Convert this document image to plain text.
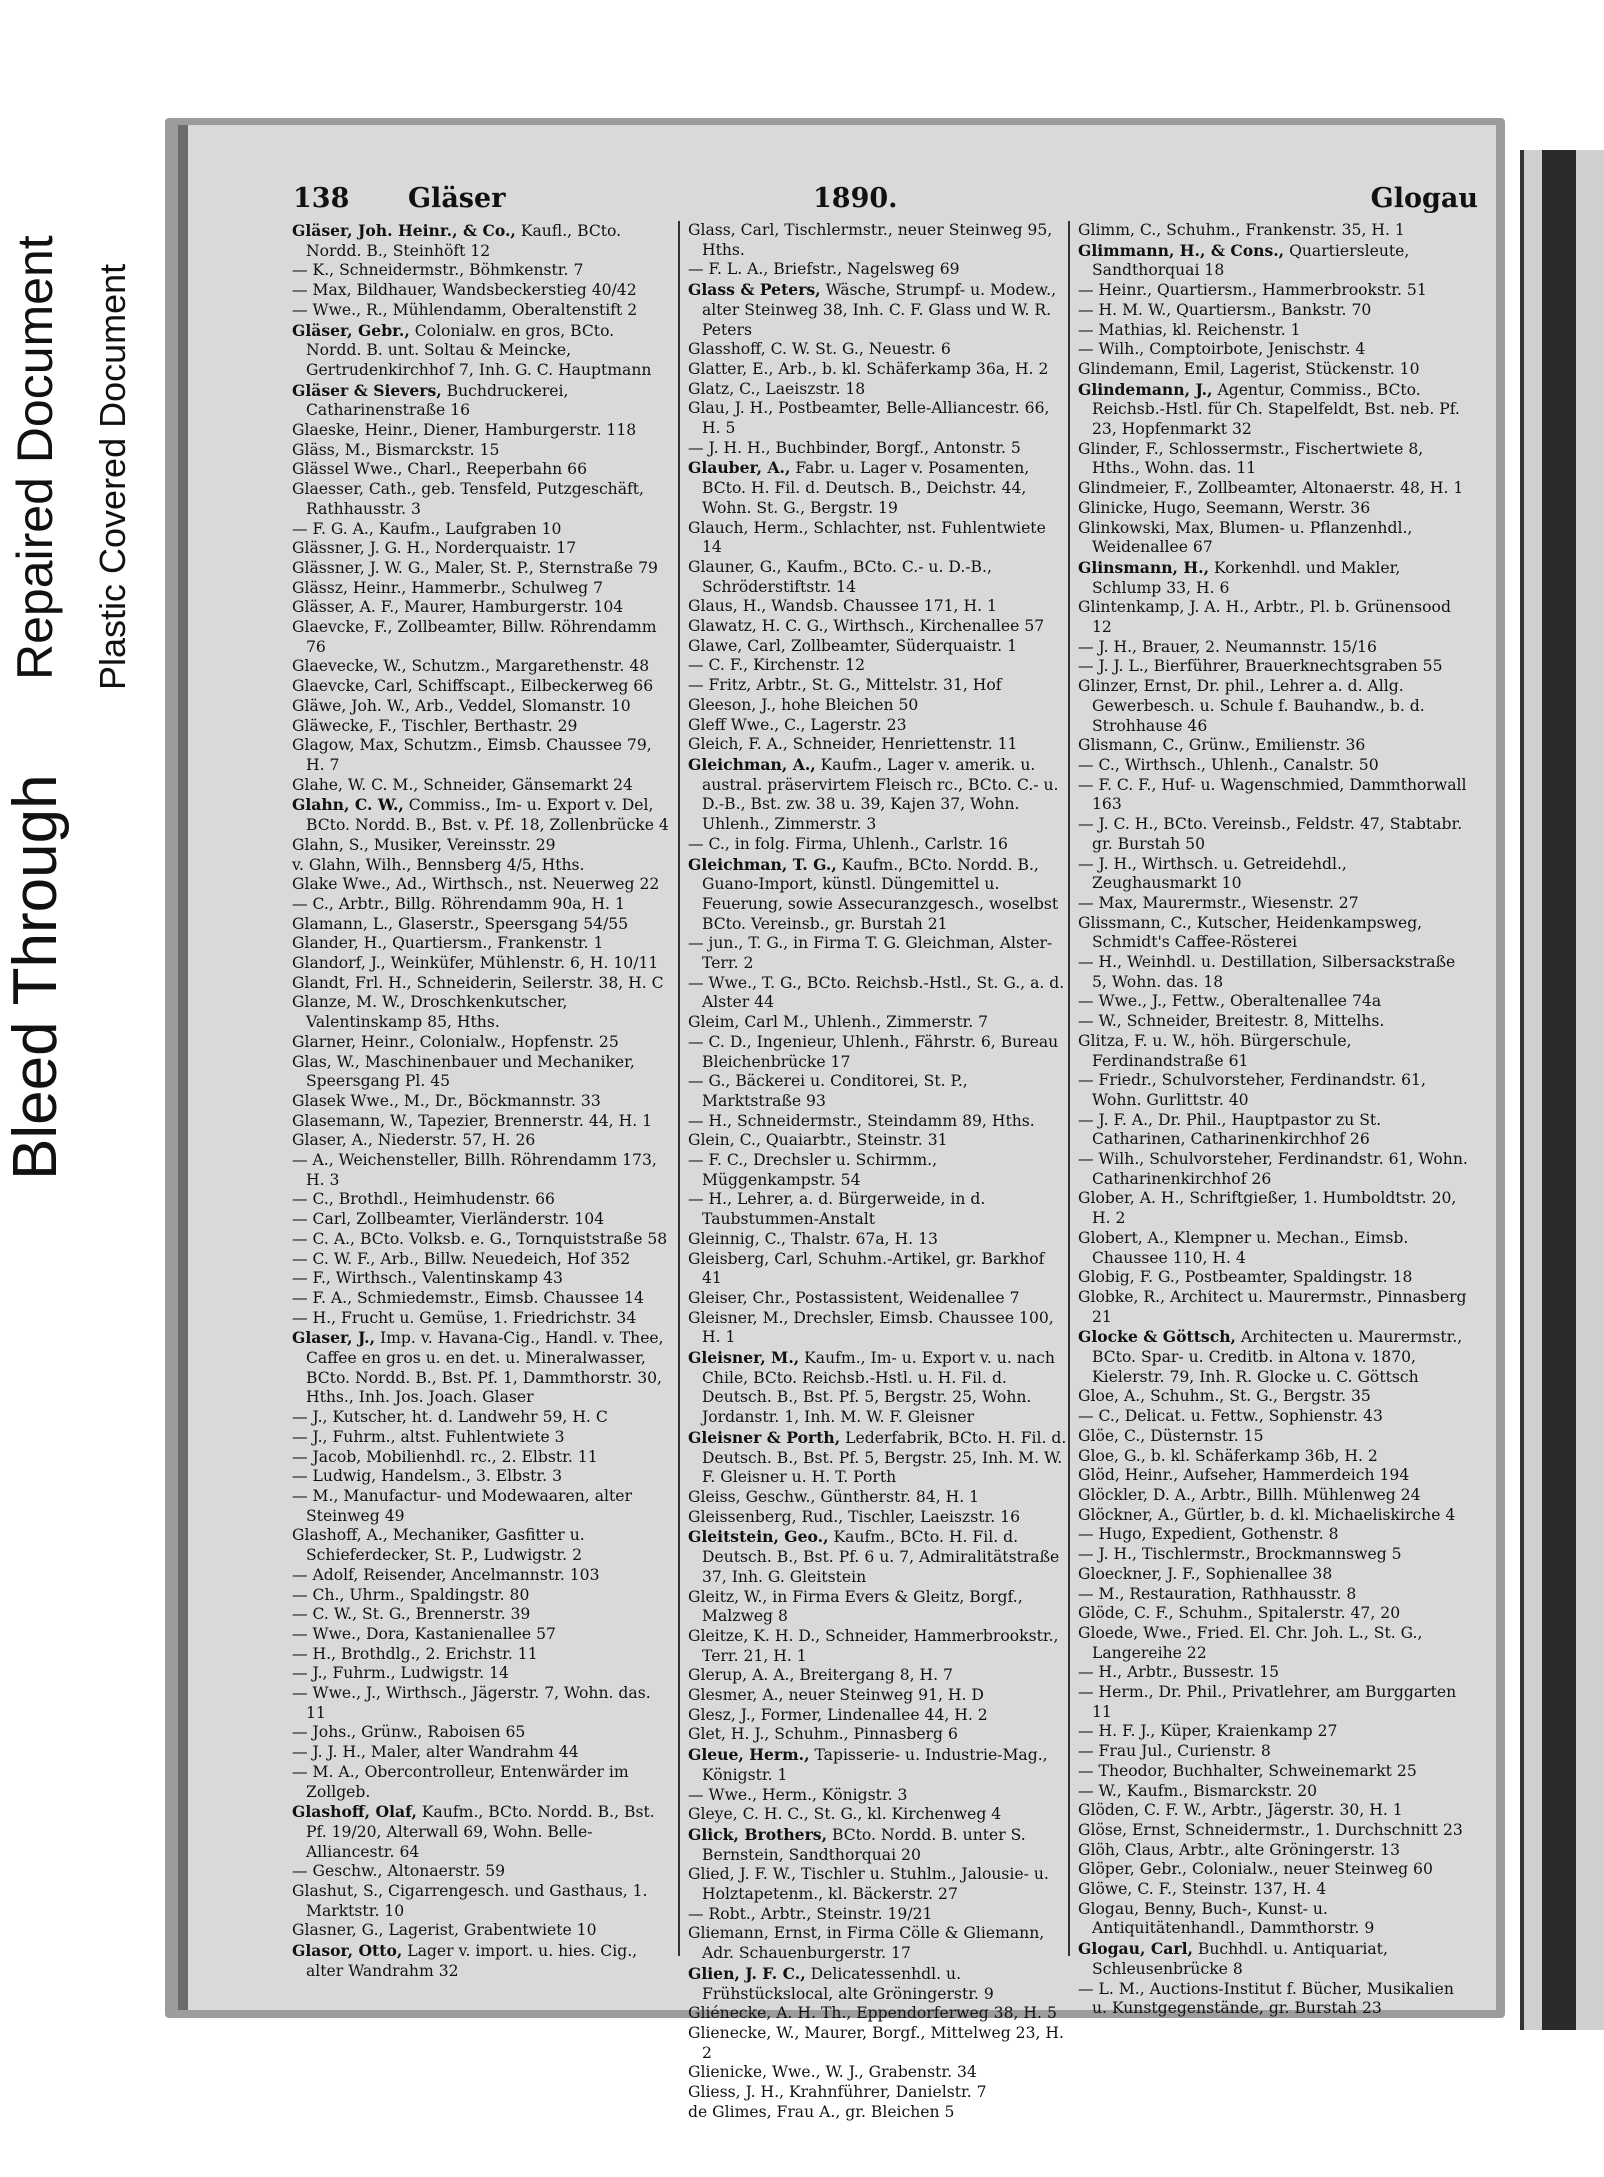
Bleed Through
Repaired Document Plastic Covered Document
138 Gläser	1890.	Glogau
Gläser, Joh. Heinr., & Co., Kaufl., BCto. Nordd. B., Steinhöft 12
— K., Schneidermstr., Böhmkenstr. 7
— Max, Bildhauer, Wandsbeckerstieg 40/42
— Wwe., R., Mühlendamm, Oberaltenstift 2
Gläser, Gebr., Colonialw. en gros, BCto. Nordd. B. unt. Soltau & Meincke, Gertrudenkirchhof 7, Inh. G. C. Hauptmann
Gläser & Sievers, Buchdruckerei, Catharinenstraße 16
Glaeske, Heinr., Diener, Hamburgerstr. 118
Gläss, M., Bismarckstr. 15
Glässel Wwe., Charl., Reeperbahn 66
Glaesser, Cath., geb. Tensfeld, Putzgeschäft, Rathhausstr. 3
— F. G. A., Kaufm., Laufgraben 10
Glässner, J. G. H., Norderquaistr. 17
Glässner, J. W. G., Maler, St. P., Sternstraße 79
Glässz, Heinr., Hammerbr., Schulweg 7
Glässer, A. F., Maurer, Hamburgerstr. 104
Glaevcke, F., Zollbeamter, Billw. Röhrendamm 76
Glaevecke, W., Schutzm., Margarethenstr. 48
Glaevcke, Carl, Schiffscapt., Eilbeckerweg 66
Gläwe, Joh. W., Arb., Veddel, Slomanstr. 10
Gläwecke, F., Tischler, Berthastr. 29
Glagow, Max, Schutzm., Eimsb. Chaussee 79, H. 7
Glahe, W. C. M., Schneider, Gänsemarkt 24
Glahn, C. W., Commiss., Im- u. Export v. Del, BCto. Nordd. B., Bst. v. Pf. 18, Zollenbrücke 4
Glahn, S., Musiker, Vereinsstr. 29
v. Glahn, Wilh., Bennsberg 4/5, Hths.
Glake Wwe., Ad., Wirthsch., nst. Neuerweg 22
— C., Arbtr., Billg. Röhrendamm 90a, H. 1
Glamann, L., Glaserstr., Speersgang 54/55
Glander, H., Quartiersm., Frankenstr. 1
Glandorf, J., Weinküfer, Mühlenstr. 6, H. 10/11
Glandt, Frl. H., Schneiderin, Seilerstr. 38, H. C
Glanze, M. W., Droschkenkutscher, Valentinskamp 85, Hths.
Glarner, Heinr., Colonialw., Hopfenstr. 25
Glas, W., Maschinenbauer und Mechaniker, Speersgang Pl. 45
Glasek Wwe., M., Dr., Böckmannstr. 33
Glasemann, W., Tapezier, Brennerstr. 44, H. 1
Glaser, A., Niederstr. 57, H. 26
— A., Weichensteller, Billh. Röhrendamm 173, H. 3
— C., Brothdl., Heimhudenstr. 66
— Carl, Zollbeamter, Vierländerstr. 104
— C. A., BCto. Volksb. e. G., Tornquiststraße 58
— C. W. F., Arb., Billw. Neuedeich, Hof 352
— F., Wirthsch., Valentinskamp 43
— F. A., Schmiedemstr., Eimsb. Chaussee 14
— H., Frucht u. Gemüse, 1. Friedrichstr. 34
Glaser, J., Imp. v. Havana-Cig., Handl. v. Thee, Caffee en gros u. en det. u. Mineralwasser, BCto. Nordd. B., Bst. Pf. 1, Dammthorstr. 30, Hths., Inh. Jos. Joach. Glaser
— J., Kutscher, ht. d. Landwehr 59, H. C
— J., Fuhrm., altst. Fuhlentwiete 3
— Jacob, Mobilienhdl. rc., 2. Elbstr. 11
— Ludwig, Handelsm., 3. Elbstr. 3
— M., Manufactur- und Modewaaren, alter Steinweg 49
Glashoff, A., Mechaniker, Gasfitter u. Schieferdecker, St. P., Ludwigstr. 2
— Adolf, Reisender, Ancelmannstr. 103
— Ch., Uhrm., Spaldingstr. 80
— C. W., St. G., Brennerstr. 39
— Wwe., Dora, Kastanienallee 57
— H., Brothdlg., 2. Erichstr. 11
— J., Fuhrm., Ludwigstr. 14
— Wwe., J., Wirthsch., Jägerstr. 7, Wohn. das. 11
— Johs., Grünw., Raboisen 65
— J. J. H., Maler, alter Wandrahm 44
— M. A., Obercontrolleur, Entenwärder im Zollgeb.
Glashoff, Olaf, Kaufm., BCto. Nordd. B., Bst. Pf. 19/20, Alterwall 69, Wohn. Belle-Alliancestr. 64
— Geschw., Altonaerstr. 59
Glashut, S., Cigarrengesch. und Gasthaus, 1. Marktstr. 10
Glasner, G., Lagerist, Grabentwiete 10
Glasor, Otto, Lager v. import. u. hies. Cig., alter Wandrahm 32
Glass, Carl, Tischlermstr., neuer Steinweg 95, Hths.
— F. L. A., Briefstr., Nagelsweg 69
Glass & Peters, Wäsche, Strumpf- u. Modew., alter Steinweg 38, Inh. C. F. Glass und W. R. Peters
Glasshoff, C. W. St. G., Neuestr. 6
Glatter, E., Arb., b. kl. Schäferkamp 36a, H. 2
Glatz, C., Laeiszstr. 18
Glau, J. H., Postbeamter, Belle-Alliancestr. 66, H. 5
— J. H. H., Buchbinder, Borgf., Antonstr. 5
Glauber, A., Fabr. u. Lager v. Posamenten, BCto. H. Fil. d. Deutsch. B., Deichstr. 44, Wohn. St. G., Bergstr. 19
Glauch, Herm., Schlachter, nst. Fuhlentwiete 14
Glauner, G., Kaufm., BCto. C.- u. D.-B., Schröderstiftstr. 14
Glaus, H., Wandsb. Chaussee 171, H. 1
Glawatz, H. C. G., Wirthsch., Kirchenallee 57
Glawe, Carl, Zollbeamter, Süderquaistr. 1
— C. F., Kirchenstr. 12
— Fritz, Arbtr., St. G., Mittelstr. 31, Hof
Gleeson, J., hohe Bleichen 50
Gleff Wwe., C., Lagerstr. 23
Gleich, F. A., Schneider, Henriettenstr. 11
Gleichman, A., Kaufm., Lager v. amerik. u. austral. präservirtem Fleisch rc., BCto. C.- u. D.-B., Bst. zw. 38 u. 39, Kajen 37, Wohn. Uhlenh., Zimmerstr. 3
— C., in folg. Firma, Uhlenh., Carlstr. 16
Gleichman, T. G., Kaufm., BCto. Nordd. B., Guano-Import, künstl. Düngemittel u. Feuerung, sowie Assecuranzgesch., woselbst BCto. Vereinsb., gr. Burstah 21
— jun., T. G., in Firma T. G. Gleichman, Alster-Terr. 2
— Wwe., T. G., BCto. Reichsb.-Hstl., St. G., a. d. Alster 44
Gleim, Carl M., Uhlenh., Zimmerstr. 7
— C. D., Ingenieur, Uhlenh., Fährstr. 6, Bureau Bleichenbrücke 17
— G., Bäckerei u. Conditorei, St. P., Marktstraße 93
— H., Schneidermstr., Steindamm 89, Hths.
Glein, C., Quaiarbtr., Steinstr. 31
— F. C., Drechsler u. Schirmm., Müggenkampstr. 54
— H., Lehrer, a. d. Bürgerweide, in d. Taubstummen-Anstalt
Gleinnig, C., Thalstr. 67a, H. 13
Gleisberg, Carl, Schuhm.-Artikel, gr. Barkhof 41
Gleiser, Chr., Postassistent, Weidenallee 7
Gleisner, M., Drechsler, Eimsb. Chaussee 100, H. 1
Gleisner, M., Kaufm., Im- u. Export v. u. nach Chile, BCto. Reichsb.-Hstl. u. H. Fil. d. Deutsch. B., Bst. Pf. 5, Bergstr. 25, Wohn. Jordanstr. 1, Inh. M. W. F. Gleisner
Gleisner & Porth, Lederfabrik, BCto. H. Fil. d. Deutsch. B., Bst. Pf. 5, Bergstr. 25, Inh. M. W. F. Gleisner u. H. T. Porth
Gleiss, Geschw., Güntherstr. 84, H. 1
Gleissenberg, Rud., Tischler, Laeiszstr. 16
Gleitstein, Geo., Kaufm., BCto. H. Fil. d. Deutsch. B., Bst. Pf. 6 u. 7, Admiralitätstraße 37, Inh. G. Gleitstein
Gleitz, W., in Firma Evers & Gleitz, Borgf., Malzweg 8
Gleitze, K. H. D., Schneider, Hammerbrookstr., Terr. 21, H. 1
Glerup, A. A., Breitergang 8, H. 7
Glesmer, A., neuer Steinweg 91, H. D
Glesz, J., Former, Lindenallee 44, H. 2
Glet, H. J., Schuhm., Pinnasberg 6
Gleue, Herm., Tapisserie- u. Industrie-Mag., Königstr. 1
— Wwe., Herm., Königstr. 3
Gleye, C. H. C., St. G., kl. Kirchenweg 4
Glick, Brothers, BCto. Nordd. B. unter S. Bernstein, Sandthorquai 20
Glied, J. F. W., Tischler u. Stuhlm., Jalousie- u. Holztapetenm., kl. Bäckerstr. 27
— Robt., Arbtr., Steinstr. 19/21
Gliemann, Ernst, in Firma Cölle & Gliemann, Adr. Schauenburgerstr. 17
Glien, J. F. C., Delicatessenhdl. u. Frühstückslocal, alte Gröningerstr. 9
Gliénecke, A. H. Th., Eppendorferweg 38, H. 5
Glienecke, W., Maurer, Borgf., Mittelweg 23, H. 2
Glienicke, Wwe., W. J., Grabenstr. 34
Gliess, J. H., Krahnführer, Danielstr. 7
de Glimes, Frau A., gr. Bleichen 5
Glimm, C., Schuhm., Frankenstr. 35, H. 1
Glimmann, H., & Cons., Quartiersleute, Sandthorquai 18
— Heinr., Quartiersm., Hammerbrookstr. 51
— H. M. W., Quartiersm., Bankstr. 70
— Mathias, kl. Reichenstr. 1
— Wilh., Comptoirbote, Jenischstr. 4
Glindemann, Emil, Lagerist, Stückenstr. 10
Glindemann, J., Agentur, Commiss., BCto. Reichsb.-Hstl. für Ch. Stapelfeldt, Bst. neb. Pf. 23, Hopfenmarkt 32
Glinder, F., Schlossermstr., Fischertwiete 8, Hths., Wohn. das. 11
Glindmeier, F., Zollbeamter, Altonaerstr. 48, H. 1
Glinicke, Hugo, Seemann, Werstr. 36
Glinkowski, Max, Blumen- u. Pflanzenhdl., Weidenallee 67
Glinsmann, H., Korkenhdl. und Makler, Schlump 33, H. 6
Glintenkamp, J. A. H., Arbtr., Pl. b. Grünensood 12
— J. H., Brauer, 2. Neumannstr. 15/16
— J. J. L., Bierführer, Brauerknechtsgraben 55
Glinzer, Ernst, Dr. phil., Lehrer a. d. Allg. Gewerbesch. u. Schule f. Bauhandw., b. d. Strohhause 46
Glismann, C., Grünw., Emilienstr. 36
— C., Wirthsch., Uhlenh., Canalstr. 50
— F. C. F., Huf- u. Wagenschmied, Dammthorwall 163
— J. C. H., BCto. Vereinsb., Feldstr. 47, Stabtabr. gr. Burstah 50
— J. H., Wirthsch. u. Getreidehdl., Zeughausmarkt 10
— Max, Maurermstr., Wiesenstr. 27
Glissmann, C., Kutscher, Heidenkampsweg, Schmidt's Caffee-Rösterei
— H., Weinhdl. u. Destillation, Silbersackstraße 5, Wohn. das. 18
— Wwe., J., Fettw., Oberaltenallee 74a
— W., Schneider, Breitestr. 8, Mittelhs.
Glitza, F. u. W., höh. Bürgerschule, Ferdinandstraße 61
— Friedr., Schulvorsteher, Ferdinandstr. 61, Wohn. Gurlittstr. 40
— J. F. A., Dr. Phil., Hauptpastor zu St. Catharinen, Catharinenkirchhof 26
— Wilh., Schulvorsteher, Ferdinandstr. 61, Wohn. Catharinenkirchhof 26
Glober, A. H., Schriftgießer, 1. Humboldtstr. 20, H. 2
Globert, A., Klempner u. Mechan., Eimsb. Chaussee 110, H. 4
Globig, F. G., Postbeamter, Spaldingstr. 18
Globke, R., Architect u. Maurermstr., Pinnasberg 21
Glocke & Göttsch, Architecten u. Maurermstr., BCto. Spar- u. Creditb. in Altona v. 1870, Kielerstr. 79, Inh. R. Glocke u. C. Göttsch
Gloe, A., Schuhm., St. G., Bergstr. 35
— C., Delicat. u. Fettw., Sophienstr. 43
Glöe, C., Düsternstr. 15
Gloe, G., b. kl. Schäferkamp 36b, H. 2
Glöd, Heinr., Aufseher, Hammerdeich 194
Glöckler, D. A., Arbtr., Billh. Mühlenweg 24
Glöckner, A., Gürtler, b. d. kl. Michaeliskirche 4
— Hugo, Expedient, Gothenstr. 8
— J. H., Tischlermstr., Brockmannsweg 5
Gloeckner, J. F., Sophienallee 38
— M., Restauration, Rathhausstr. 8
Glöde, C. F., Schuhm., Spitalerstr. 47, 20
Gloede, Wwe., Fried. El. Chr. Joh. L., St. G., Langereihe 22
— H., Arbtr., Bussestr. 15
— Herm., Dr. Phil., Privatlehrer, am Burggarten 11
— H. F. J., Küper, Kraienkamp 27
— Frau Jul., Curienstr. 8
— Theodor, Buchhalter, Schweinemarkt 25
— W., Kaufm., Bismarckstr. 20
Glöden, C. F. W., Arbtr., Jägerstr. 30, H. 1
Glöse, Ernst, Schneidermstr., 1. Durchschnitt 23
Glöh, Claus, Arbtr., alte Gröningerstr. 13
Glöper, Gebr., Colonialw., neuer Steinweg 60
Glöwe, C. F., Steinstr. 137, H. 4
Glogau, Benny, Buch-, Kunst- u. Antiquitätenhandl., Dammthorstr. 9
Glogau, Carl, Buchhdl. u. Antiquariat, Schleusenbrücke 8
— L. M., Auctions-Institut f. Bücher, Musikalien u. Kunstgegenstände, gr. Burstah 23
